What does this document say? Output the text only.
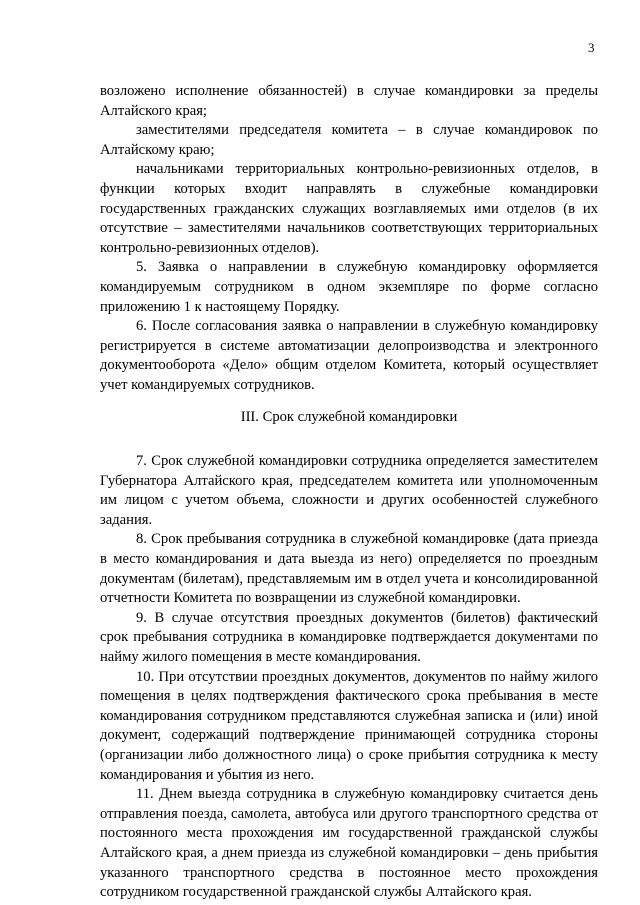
3

возложено исполнение обязанностей) в случае командировки за пределы Алтайского края;

заместителями председателя комитета – в случае командировок по Алтайскому краю;

начальниками территориальных контрольно-ревизионных отделов, в функции которых входит направлять в служебные командировки государственных гражданских служащих возглавляемых ими отделов (в их отсутствие – заместителями начальников соответствующих территориальных контрольно-ревизионных отделов).

5. Заявка о направлении в служебную командировку оформляется командируемым сотрудником в одном экземпляре по форме согласно приложению 1 к настоящему Порядку.

6. После согласования заявка о направлении в служебную командировку регистрируется в системе автоматизации делопроизводства и электронного документооборота «Дело» общим отделом Комитета, который осуществляет учет командируемых сотрудников.

III. Срок служебной командировки

7. Срок служебной командировки сотрудника определяется заместителем Губернатора Алтайского края, председателем комитета или уполномоченным им лицом с учетом объема, сложности и других особенностей служебного задания.

8. Срок пребывания сотрудника в служебной командировке (дата приезда в место командирования и дата выезда из него) определяется по проездным документам (билетам), представляемым им в отдел учета и консолидированной отчетности Комитета по возвращении из служебной командировки.

9. В случае отсутствия проездных документов (билетов) фактический срок пребывания сотрудника в командировке подтверждается документами по найму жилого помещения в месте командирования.

10. При отсутствии проездных документов, документов по найму жилого помещения в целях подтверждения фактического срока пребывания в месте командирования сотрудником представляются служебная записка и (или) иной документ, содержащий подтверждение принимающей сотрудника стороны (организации либо должностного лица) о сроке прибытия сотрудника к месту командирования и убытия из него.

11. Днем выезда сотрудника в служебную командировку считается день отправления поезда, самолета, автобуса или другого транспортного средства от постоянного места прохождения им государственной гражданской службы Алтайского края, а днем приезда из служебной командировки – день прибытия указанного транспортного средства в постоянное место прохождения сотрудником государственной гражданской службы Алтайского края.
